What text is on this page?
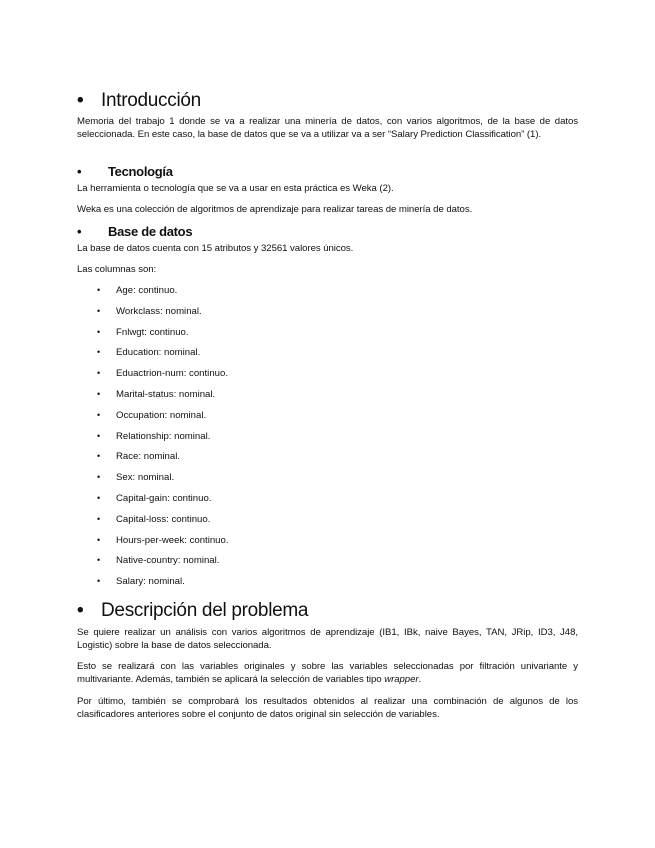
• Introducción
Memoria del trabajo 1 donde se va a realizar una minería de datos, con varios algoritmos, de la base de datos seleccionada. En este caso, la base de datos que se va a utilizar va a ser “Salary Prediction Classification” (1).
• Tecnología
La herramienta o tecnología que se va a usar en esta práctica es Weka (2).
Weka es una colección de algoritmos de aprendizaje para realizar tareas de minería de datos.
• Base de datos
La base de datos cuenta con 15 atributos y 32561 valores únicos.
Las columnas son:
• Age: continuo.
• Workclass: nominal.
• Fnlwgt: continuo.
• Education: nominal.
• Eduactrion-num: continuo.
• Marital-status: nominal.
• Occupation: nominal.
• Relationship: nominal.
• Race: nominal.
• Sex: nominal.
• Capital-gain: continuo.
• Capital-loss: continuo.
• Hours-per-week: continuo.
• Native-country: nominal.
• Salary: nominal.
• Descripción del problema
Se quiere realizar un análisis con varios algoritmos de aprendizaje (IB1, IBk, naive Bayes, TAN, JRip, ID3, J48, Logistic) sobre la base de datos seleccionada.
Esto se realizará con las variables originales y sobre las variables seleccionadas por filtración univariante y multivariante. Además, también se aplicará la selección de variables tipo wrapper.
Por último, también se comprobará los resultados obtenidos al realizar una combinación de algunos de los clasificadores anteriores sobre el conjunto de datos original sin selección de variables.
